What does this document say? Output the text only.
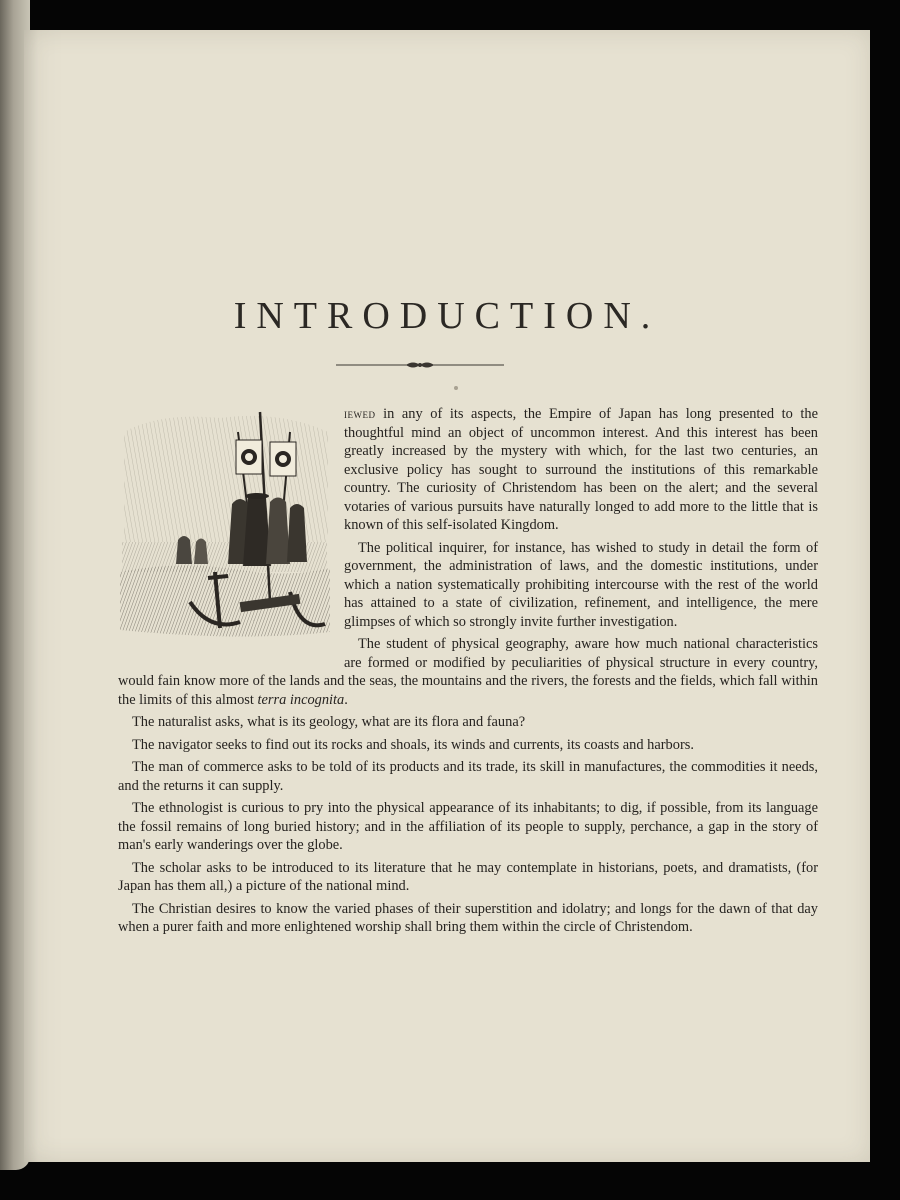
INTRODUCTION.

iewed in any of its aspects, the Empire of Japan has long presented to the thoughtful mind an object of uncommon interest. And this interest has been greatly increased by the mystery with which, for the last two centuries, an exclusive policy has sought to surround the institutions of this remarkable country. The curiosity of Christendom has been on the alert; and the several votaries of various pursuits have naturally longed to add more to the little that is known of this self-isolated Kingdom.

The political inquirer, for instance, has wished to study in detail the form of government, the administration of laws, and the domestic institutions, under which a nation systematically prohibiting intercourse with the rest of the world has attained to a state of civilization, refinement, and intelligence, the mere glimpses of which so strongly invite further investigation.

The student of physical geography, aware how much national characteristics are formed or modified by peculiarities of physical structure in every country, would fain know more of the lands and the seas, the mountains and the rivers, the forests and the fields, which fall within the limits of this almost terra incognita.

The naturalist asks, what is its geology, what are its flora and fauna?

The navigator seeks to find out its rocks and shoals, its winds and currents, its coasts and harbors.

The man of commerce asks to be told of its products and its trade, its skill in manufactures, the commodities it needs, and the returns it can supply.

The ethnologist is curious to pry into the physical appearance of its inhabitants; to dig, if possible, from its language the fossil remains of long buried history; and in the affiliation of its people to supply, perchance, a gap in the story of man's early wanderings over the globe.

The scholar asks to be introduced to its literature that he may contemplate in historians, poets, and dramatists, (for Japan has them all,) a picture of the national mind.

The Christian desires to know the varied phases of their superstition and idolatry; and longs for the dawn of that day when a purer faith and more enlightened worship shall bring them within the circle of Christendom.
